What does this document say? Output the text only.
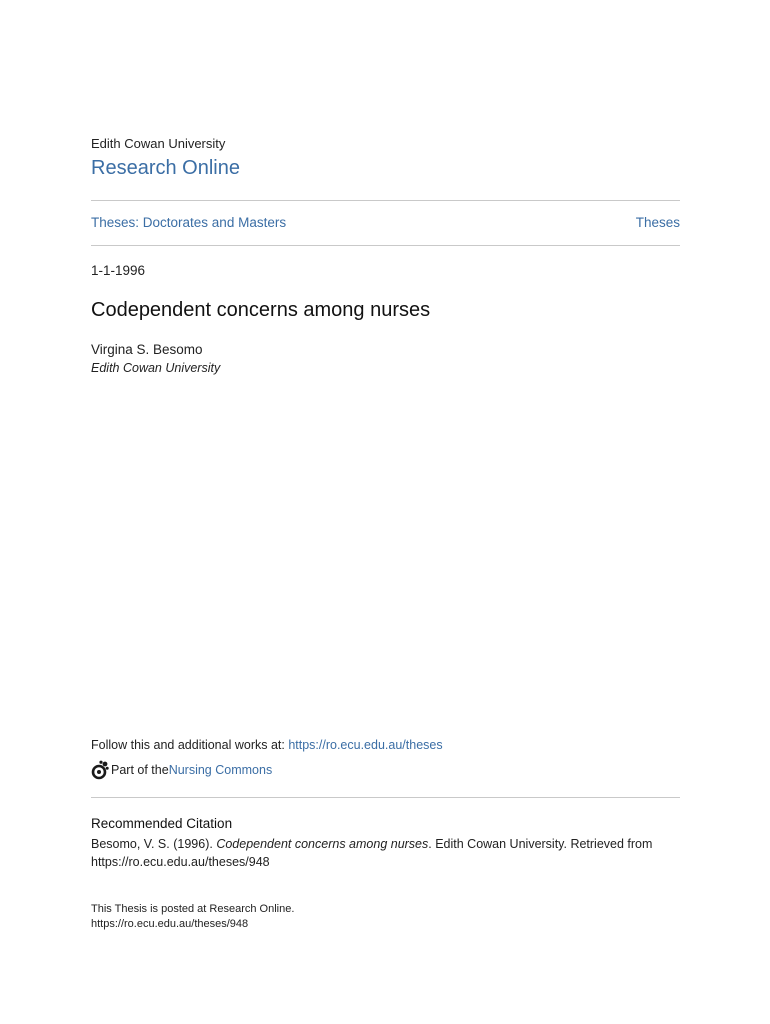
Edith Cowan University
Research Online
Theses: Doctorates and Masters	Theses
1-1-1996
Codependent concerns among nurses
Virgina S. Besomo
Edith Cowan University
Follow this and additional works at: https://ro.ecu.edu.au/theses
Part of the Nursing Commons
Recommended Citation
Besomo, V. S. (1996). Codependent concerns among nurses. Edith Cowan University. Retrieved from
https://ro.ecu.edu.au/theses/948
This Thesis is posted at Research Online.
https://ro.ecu.edu.au/theses/948
